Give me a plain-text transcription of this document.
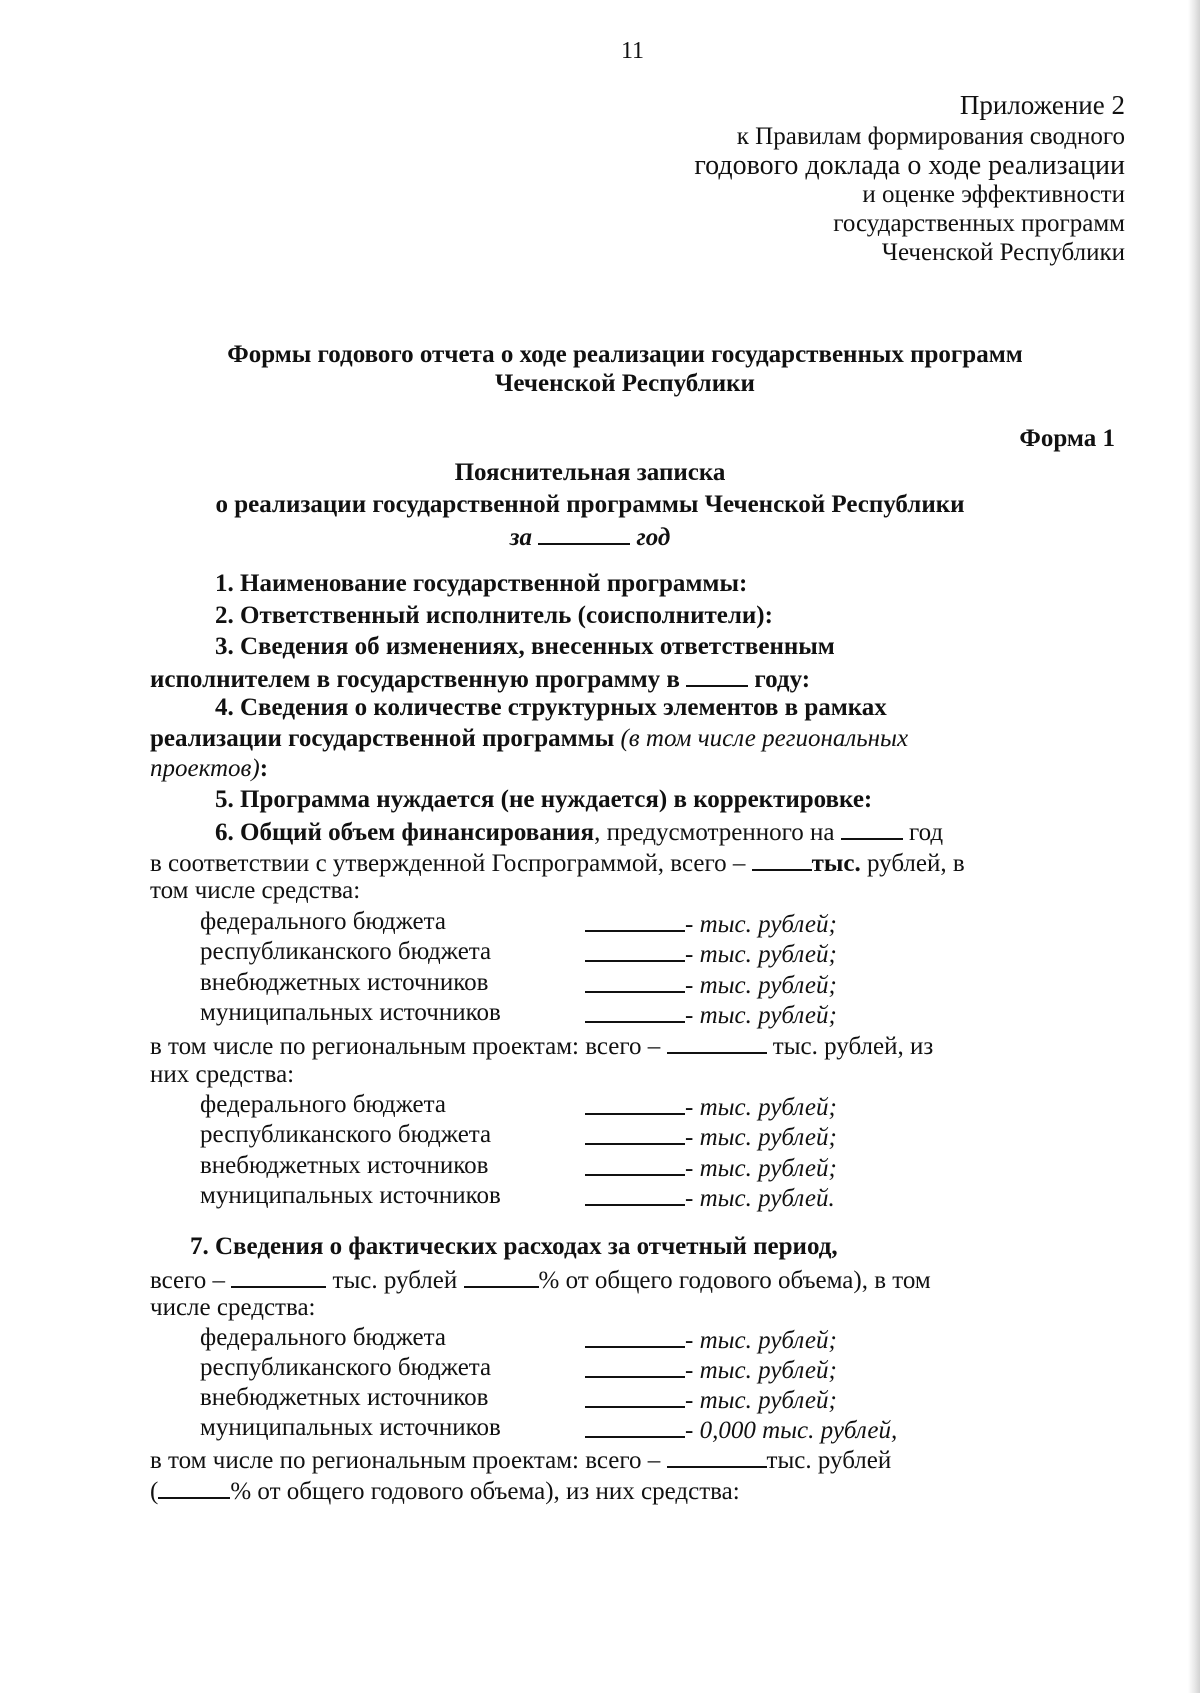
11
Приложение 2
к Правилам формирования сводного
годового доклада о ходе реализации
и оценке эффективности
государственных программ
Чеченской Республики
Формы годового отчета о ходе реализации государственных программ
Чеченской Республики
Форма 1
Пояснительная записка
о реализации государственной программы Чеченской Республики
за	год
1. Наименование государственной программы:
2. Ответственный исполнитель (соисполнители):
3. Сведения об изменениях, внесенных ответственным
исполнителем в государственную программу в	году:
4. Сведения о количестве структурных элементов в рамках
реализации государственной программы (в том числе региональных
проектов):
5. Программа нуждается (не нуждается) в корректировке:
6. Общий объем финансирования, предусмотренного на	год
в соответствии с утвержденной Госпрограммой, всего –	тыс. рублей, в
том числе средства:
федерального бюджета	- тыс. рублей;
республиканского бюджета	- тыс. рублей;
внебюджетных источников	- тыс. рублей;
муниципальных источников	- тыс. рублей;
в том числе по региональным проектам: всего –	тыс. рублей, из
них средства:
федерального бюджета	- тыс. рублей;
республиканского бюджета	- тыс. рублей;
внебюджетных источников	- тыс. рублей;
муниципальных источников	- тыс. рублей.
7. Сведения о фактических расходах за отчетный период,
всего –	тыс. рублей	% от общего годового объема), в том
числе средства:
федерального бюджета	- тыс. рублей;
республиканского бюджета	- тыс. рублей;
внебюджетных источников	- тыс. рублей;
муниципальных источников	- 0,000 тыс. рублей,
в том числе по региональным проектам: всего –	тыс. рублей
(	% от общего годового объема), из них средства:
